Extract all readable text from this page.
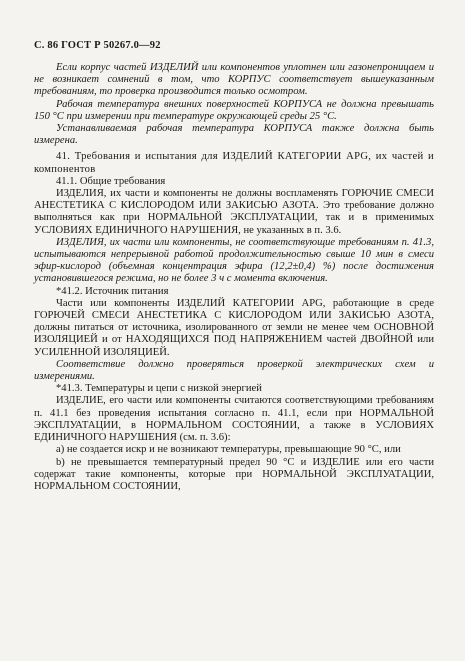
С. 86 ГОСТ Р 50267.0—92

Если корпус частей ИЗДЕЛИЙ или компонентов уплотнен или газонепроницаем и не возникает сомнений в том, что КОРПУС соответствует вышеуказанным требованиям, то проверка производится только осмотром.

Рабочая температура внешних поверхностей КОРПУСА не должна превышать 150 °С при измерении при температуре окружающей среды 25 °С.

Устанавливаемая рабочая температура КОРПУСА также должна быть измерена.

41. Требования и испытания для ИЗДЕЛИЙ КАТЕГОРИИ APG, их частей и компонентов

41.1. Общие требования

ИЗДЕЛИЯ, их части и компоненты не должны воспламенять ГОРЮЧИЕ СМЕСИ АНЕСТЕТИКА С КИСЛОРОДОМ ИЛИ ЗАКИСЬЮ АЗОТА. Это требование должно выполняться как при НОРМАЛЬНОЙ ЭКСПЛУАТАЦИИ, так и в применимых УСЛОВИЯХ ЕДИНИЧНОГО НАРУШЕНИЯ, не указанных в п. 3.6.

ИЗДЕЛИЯ, их части или компоненты, не соответствующие требованиям п. 41.3, испытываются непрерывной работой продолжительностью свыше 10 мин в смеси эфир-кислород (объемная концентрация эфира (12,2±0,4) %) после достижения установившегося режима, но не более 3 ч с момента включения.

*41.2. Источник питания

Части или компоненты ИЗДЕЛИЙ КАТЕГОРИИ APG, работающие в среде ГОРЮЧЕЙ СМЕСИ АНЕСТЕТИКА С КИСЛОРОДОМ ИЛИ ЗАКИСЬЮ АЗОТА, должны питаться от источника, изолированного от земли не менее чем ОСНОВНОЙ ИЗОЛЯЦИЕЙ и от НАХОДЯЩИХСЯ ПОД НАПРЯЖЕНИЕМ частей ДВОЙНОЙ или УСИЛЕННОЙ ИЗОЛЯЦИЕЙ.

Соответствие должно проверяться проверкой электрических схем и измерениями.

*41.3. Температуры и цепи с низкой энергией

ИЗДЕЛИЕ, его части или компоненты считаются соответствующими требованиям п. 41.1 без проведения испытания согласно п. 41.1, если при НОРМАЛЬНОЙ ЭКСПЛУАТАЦИИ, в НОРМАЛЬНОМ СОСТОЯНИИ, а также в УСЛОВИЯХ ЕДИНИЧНОГО НАРУШЕНИЯ (см. п. 3.6):

a) не создается искр и не возникают температуры, превышающие 90 °С, или

b) не превышается температурный предел 90 °С и ИЗДЕЛИЕ или его части содержат такие компоненты, которые при НОРМАЛЬНОЙ ЭКСПЛУАТАЦИИ, НОРМАЛЬНОМ СОСТОЯНИИ,
